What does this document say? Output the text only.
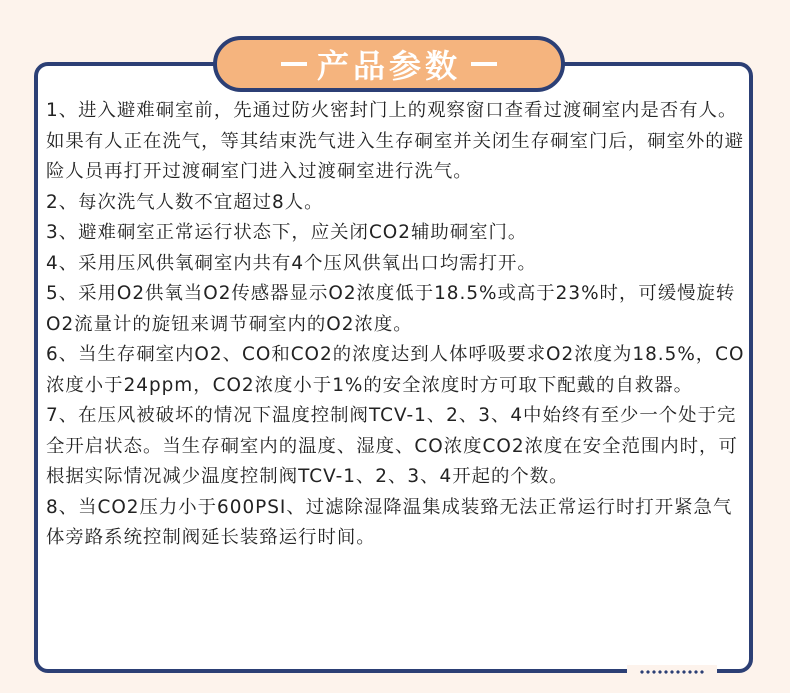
产品参数

1、进入避难硐室前，先通过防火密封门上的观察窗口查看过渡硐室内是否有人。如果有人正在洗气，等其结束洗气进入生存硐室并关闭生存硐室门后，硐室外的避险人员再打开过渡硐室门进入过渡硐室进行洗气。

2、每次洗气人数不宜超过8人。

3、避难硐室正常运行状态下，应关闭CO2辅助硐室门。

4、采用压风供氧硐室内共有4个压风供氧出口均需打开。

5、采用O2供氧当O2传感器显示O2浓度低于18.5%或高于23%时，可缓慢旋转O2流量计的旋钮来调节硐室内的O2浓度。

6、当生存硐室内O2、CO和CO2的浓度达到人体呼吸要求O2浓度为18.5%，CO浓度小于24ppm，CO2浓度小于1%的安全浓度时方可取下配戴的自救器。

7、在压风被破坏的情况下温度控制阀TCV-1、2、3、4中始终有至少一个处于完全开启状态。当生存硐室内的温度、湿度、CO浓度CO2浓度在安全范围内时，可根据实际情况减少温度控制阀TCV-1、2、3、4开起的个数。

8、当CO2压力小于600PSI、过滤除湿降温集成装臵无法正常运行时打开紧急气体旁路系统控制阀延长装臵运行时间。
